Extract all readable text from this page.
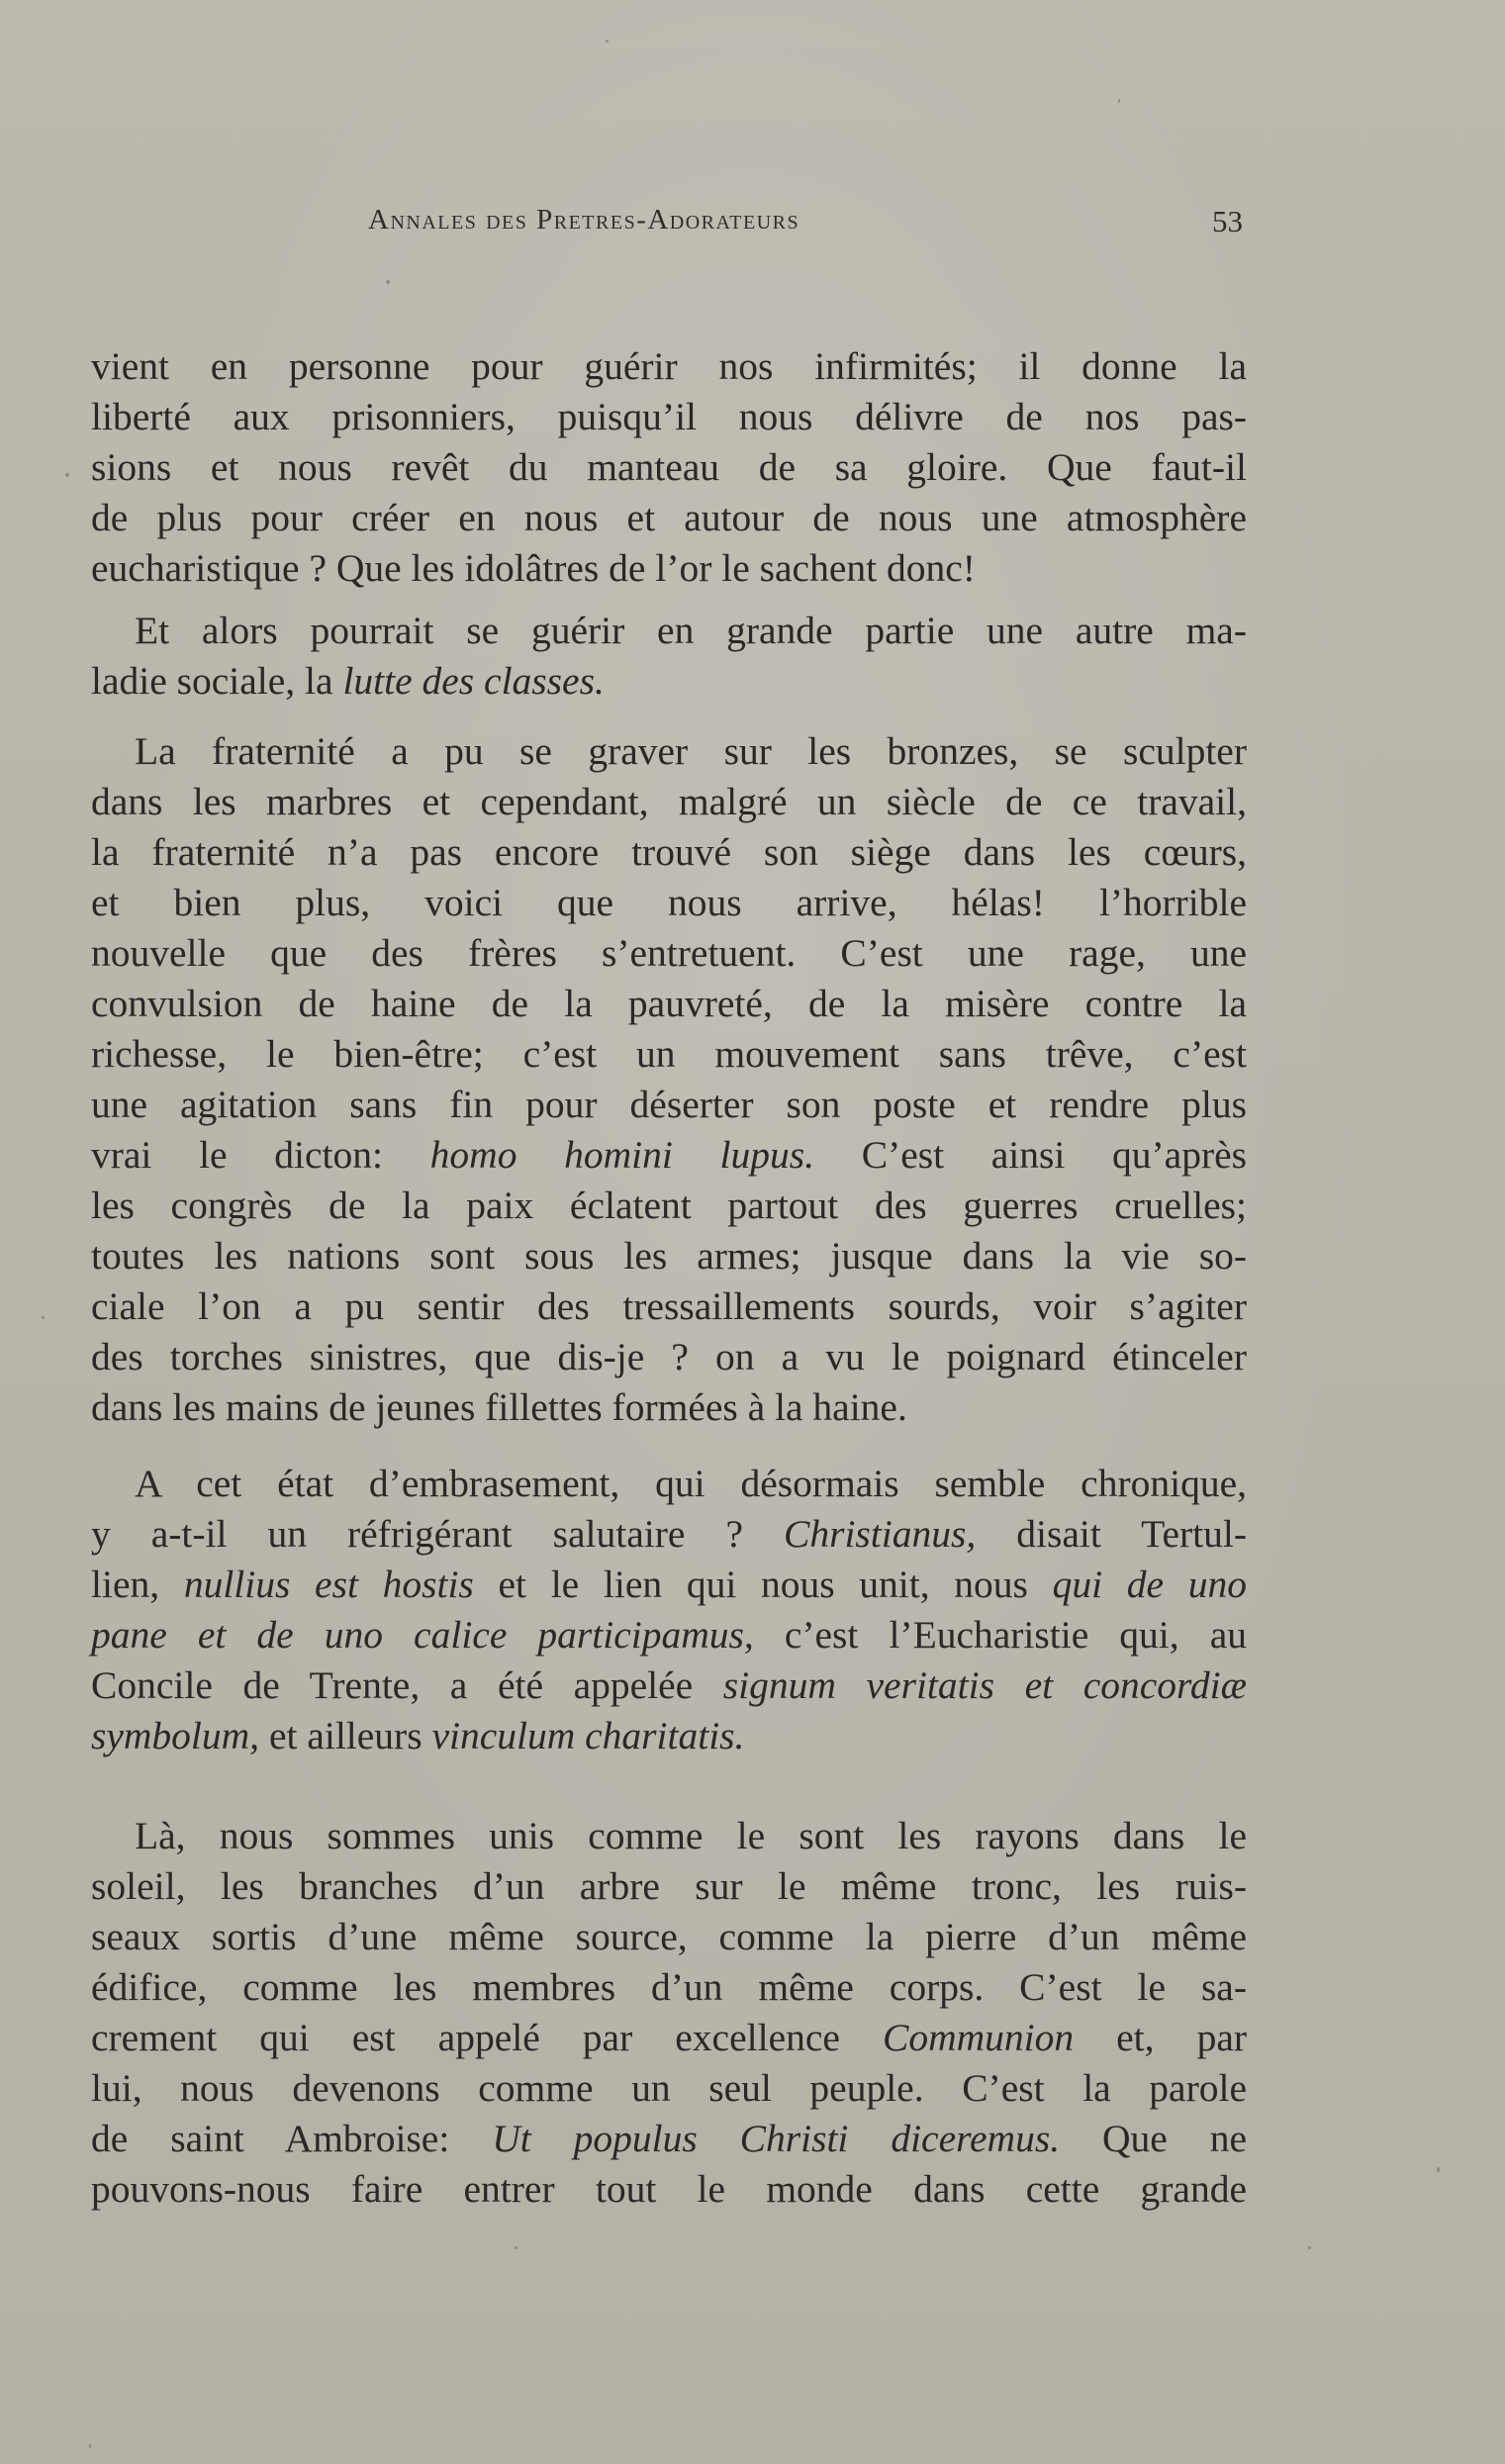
Annales des Pretres-Adorateurs	53

vient en personne pour guérir nos infirmités; il donne la
liberté aux prisonniers, puisqu’il nous délivre de nos pas-
sions et nous revêt du manteau de sa gloire. Que faut-il
de plus pour créer en nous et autour de nous une atmosphère
eucharistique ? Que les idolâtres de l’or le sachent donc!

Et alors pourrait se guérir en grande partie une autre ma-
ladie sociale, la lutte des classes.

La fraternité a pu se graver sur les bronzes, se sculpter
dans les marbres et cependant, malgré un siècle de ce travail,
la fraternité n’a pas encore trouvé son siège dans les cœurs,
et bien plus, voici que nous arrive, hélas! l’horrible
nouvelle que des frères s’entretuent. C’est une rage, une
convulsion de haine de la pauvreté, de la misère contre la
richesse, le bien-être; c’est un mouvement sans trêve, c’est
une agitation sans fin pour déserter son poste et rendre plus
vrai le dicton: homo homini lupus. C’est ainsi qu’après
les congrès de la paix éclatent partout des guerres cruelles;
toutes les nations sont sous les armes; jusque dans la vie so-
ciale l’on a pu sentir des tressaillements sourds, voir s’agiter
des torches sinistres, que dis-je ? on a vu le poignard étinceler
dans les mains de jeunes fillettes formées à la haine.

A cet état d’embrasement, qui désormais semble chronique,
y a-t-il un réfrigérant salutaire ? Christianus, disait Tertul-
lien, nullius est hostis et le lien qui nous unit, nous qui de uno
pane et de uno calice participamus, c’est l’Eucharistie qui, au
Concile de Trente, a été appelée signum veritatis et concordiæ
symbolum, et ailleurs vinculum charitatis.

Là, nous sommes unis comme le sont les rayons dans le
soleil, les branches d’un arbre sur le même tronc, les ruis-
seaux sortis d’une même source, comme la pierre d’un même
édifice, comme les membres d’un même corps. C’est le sa-
crement qui est appelé par excellence Communion et, par
lui, nous devenons comme un seul peuple. C’est la parole
de saint Ambroise: Ut populus Christi diceremus. Que ne
pouvons-nous faire entrer tout le monde dans cette grande
